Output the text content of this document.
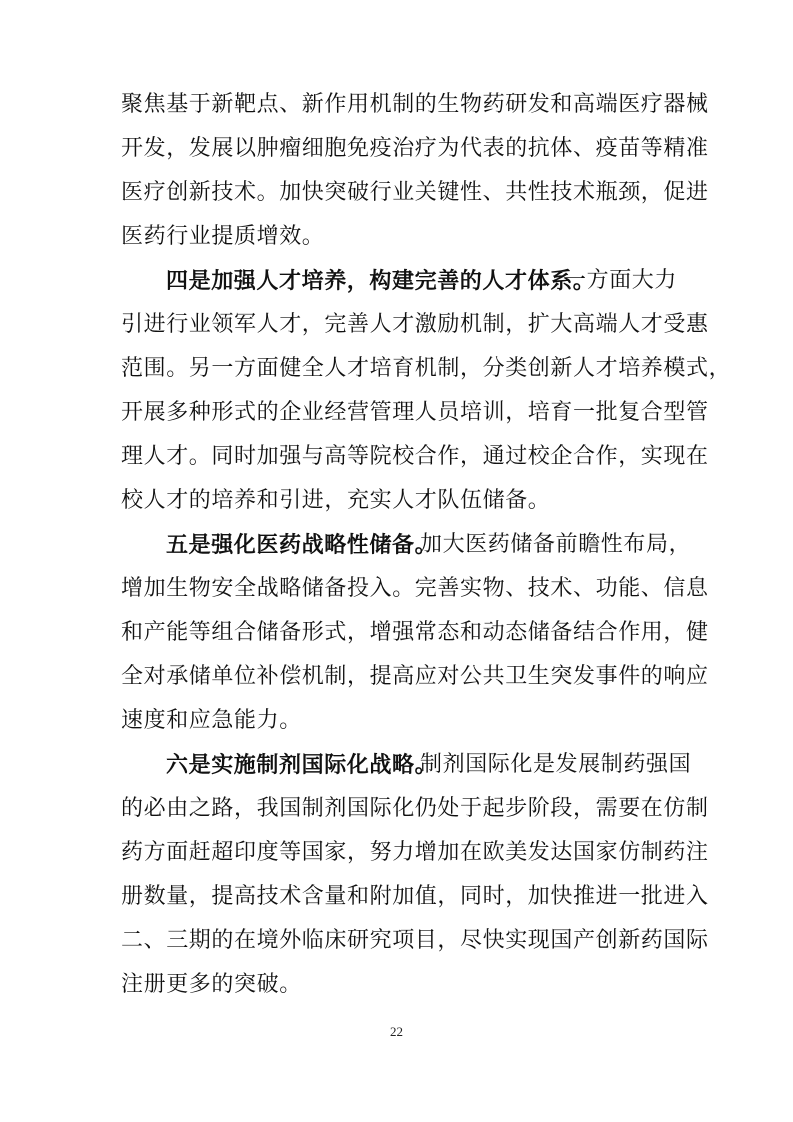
聚焦基于新靶点、新作用机制的生物药研发和高端医疗器械
开发，发展以肿瘤细胞免疫治疗为代表的抗体、疫苗等精准
医疗创新技术。加快突破行业关键性、共性技术瓶颈，促进
医药行业提质增效。
四是加强人才培养，构建完善的人才体系。
一方面大力
引进行业领军人才，完善人才激励机制，扩大高端人才受惠
范围。另一方面健全人才培育机制，分类创新人才培养模式，
开展多种形式的企业经营管理人员培训，培育一批复合型管
理人才。同时加强与高等院校合作，通过校企合作，实现在
校人才的培养和引进，充实人才队伍储备。
五是强化医药战略性储备。
加大医药储备前瞻性布局，
增加生物安全战略储备投入。完善实物、技术、功能、信息
和产能等组合储备形式，增强常态和动态储备结合作用，健
全对承储单位补偿机制，提高应对公共卫生突发事件的响应
速度和应急能力。
六是实施制剂国际化战略。
制剂国际化是发展制药强国
的必由之路，我国制剂国际化仍处于起步阶段，需要在仿制
药方面赶超印度等国家，努力增加在欧美发达国家仿制药注
册数量，提高技术含量和附加值，同时，加快推进一批进入
22
二、三期的在境外临床研究项目，尽快实现国产创新药国际
注册更多的突破。
